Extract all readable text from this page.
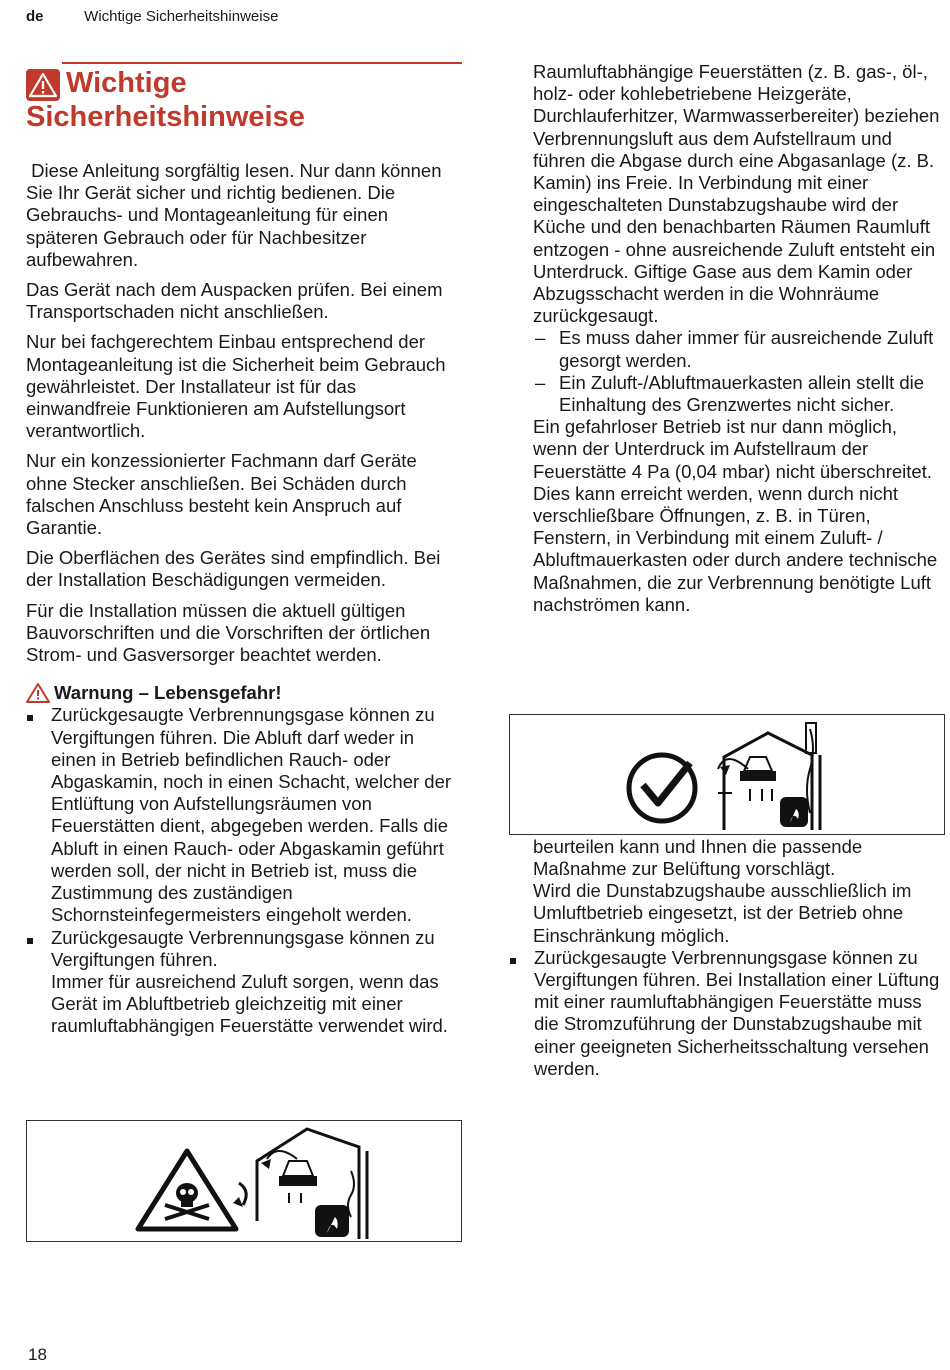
de	Wichtige Sicherheitshinweise
Wichtige
Sicherheitshinweise

Diese Anleitung sorgfältig lesen. Nur dann können Sie Ihr Gerät sicher und richtig bedienen. Die Gebrauchs- und Montageanleitung für einen späteren Gebrauch oder für Nachbesitzer aufbewahren.

Das Gerät nach dem Auspacken prüfen. Bei einem Transportschaden nicht anschließen.

Nur bei fachgerechtem Einbau entsprechend der Montageanleitung ist die Sicherheit beim Gebrauch gewährleistet. Der Installateur ist für das einwandfreie Funktionieren am Aufstellungsort verantwortlich.

Nur ein konzessionierter Fachmann darf Geräte ohne Stecker anschließen. Bei Schäden durch falschen Anschluss besteht kein Anspruch auf Garantie.

Die Oberflächen des Gerätes sind empfindlich. Bei der Installation Beschädigungen vermeiden.

Für die Installation müssen die aktuell gültigen Bauvorschriften und die Vorschriften der örtlichen Strom- und Gasversorger beachtet werden.

Warnung – Lebensgefahr!
Zurückgesaugte Verbrennungsgase können zu Vergiftungen führen. Die Abluft darf weder in einen in Betrieb befindlichen Rauch- oder Abgaskamin, noch in einen Schacht, welcher der Entlüftung von Aufstellungsräumen von Feuerstätten dient, abgegeben werden. Falls die Abluft in einen Rauch- oder Abgaskamin geführt werden soll, der nicht in Betrieb ist, muss die Zustimmung des zuständigen Schornsteinfegermeisters eingeholt werden.
Zurückgesaugte Verbrennungsgase können zu Vergiftungen führen.
Immer für ausreichend Zuluft sorgen, wenn das Gerät im Abluftbetrieb gleichzeitig mit einer raumluftabhängigen Feuerstätte verwendet wird.

Raumluftabhängige Feuerstätten (z. B. gas-, öl-, holz- oder kohlebetriebene Heizgeräte, Durchlauferhitzer, Warmwasserbereiter) beziehen Verbrennungsluft aus dem Aufstellraum und führen die Abgase durch eine Abgasanlage (z. B. Kamin) ins Freie. In Verbindung mit einer eingeschalteten Dunstabzugshaube wird der Küche und den benachbarten Räumen Raumluft entzogen - ohne ausreichende Zuluft entsteht ein Unterdruck. Giftige Gase aus dem Kamin oder Abzugsschacht werden in die Wohnräume zurückgesaugt.

– Es muss daher immer für ausreichende Zuluft gesorgt werden.
– Ein Zuluft-/Abluftmauerkasten allein stellt die Einhaltung des Grenzwertes nicht sicher.

Ein gefahrloser Betrieb ist nur dann möglich, wenn der Unterdruck im Aufstellraum der Feuerstätte 4 Pa (0,04 mbar) nicht überschreitet. Dies kann erreicht werden, wenn durch nicht verschließbare Öffnungen, z. B. in Türen, Fenstern, in Verbindung mit einem Zuluft- / Abluftmauerkasten oder durch andere technische Maßnahmen, die zur Verbrennung benötigte Luft nachströmen kann.

beurteilen kann und Ihnen die passende Maßnahme zur Belüftung vorschlägt.

Wird die Dunstabzugshaube ausschließlich im Umluftbetrieb eingesetzt, ist der Betrieb ohne Einschränkung möglich.

Zurückgesaugte Verbrennungsgase können zu Vergiftungen führen. Bei Installation einer Lüftung mit einer raumluftabhängigen Feuerstätte muss die Stromzuführung der Dunstabzugshaube mit einer geeigneten Sicherheitsschaltung versehen werden.
18
